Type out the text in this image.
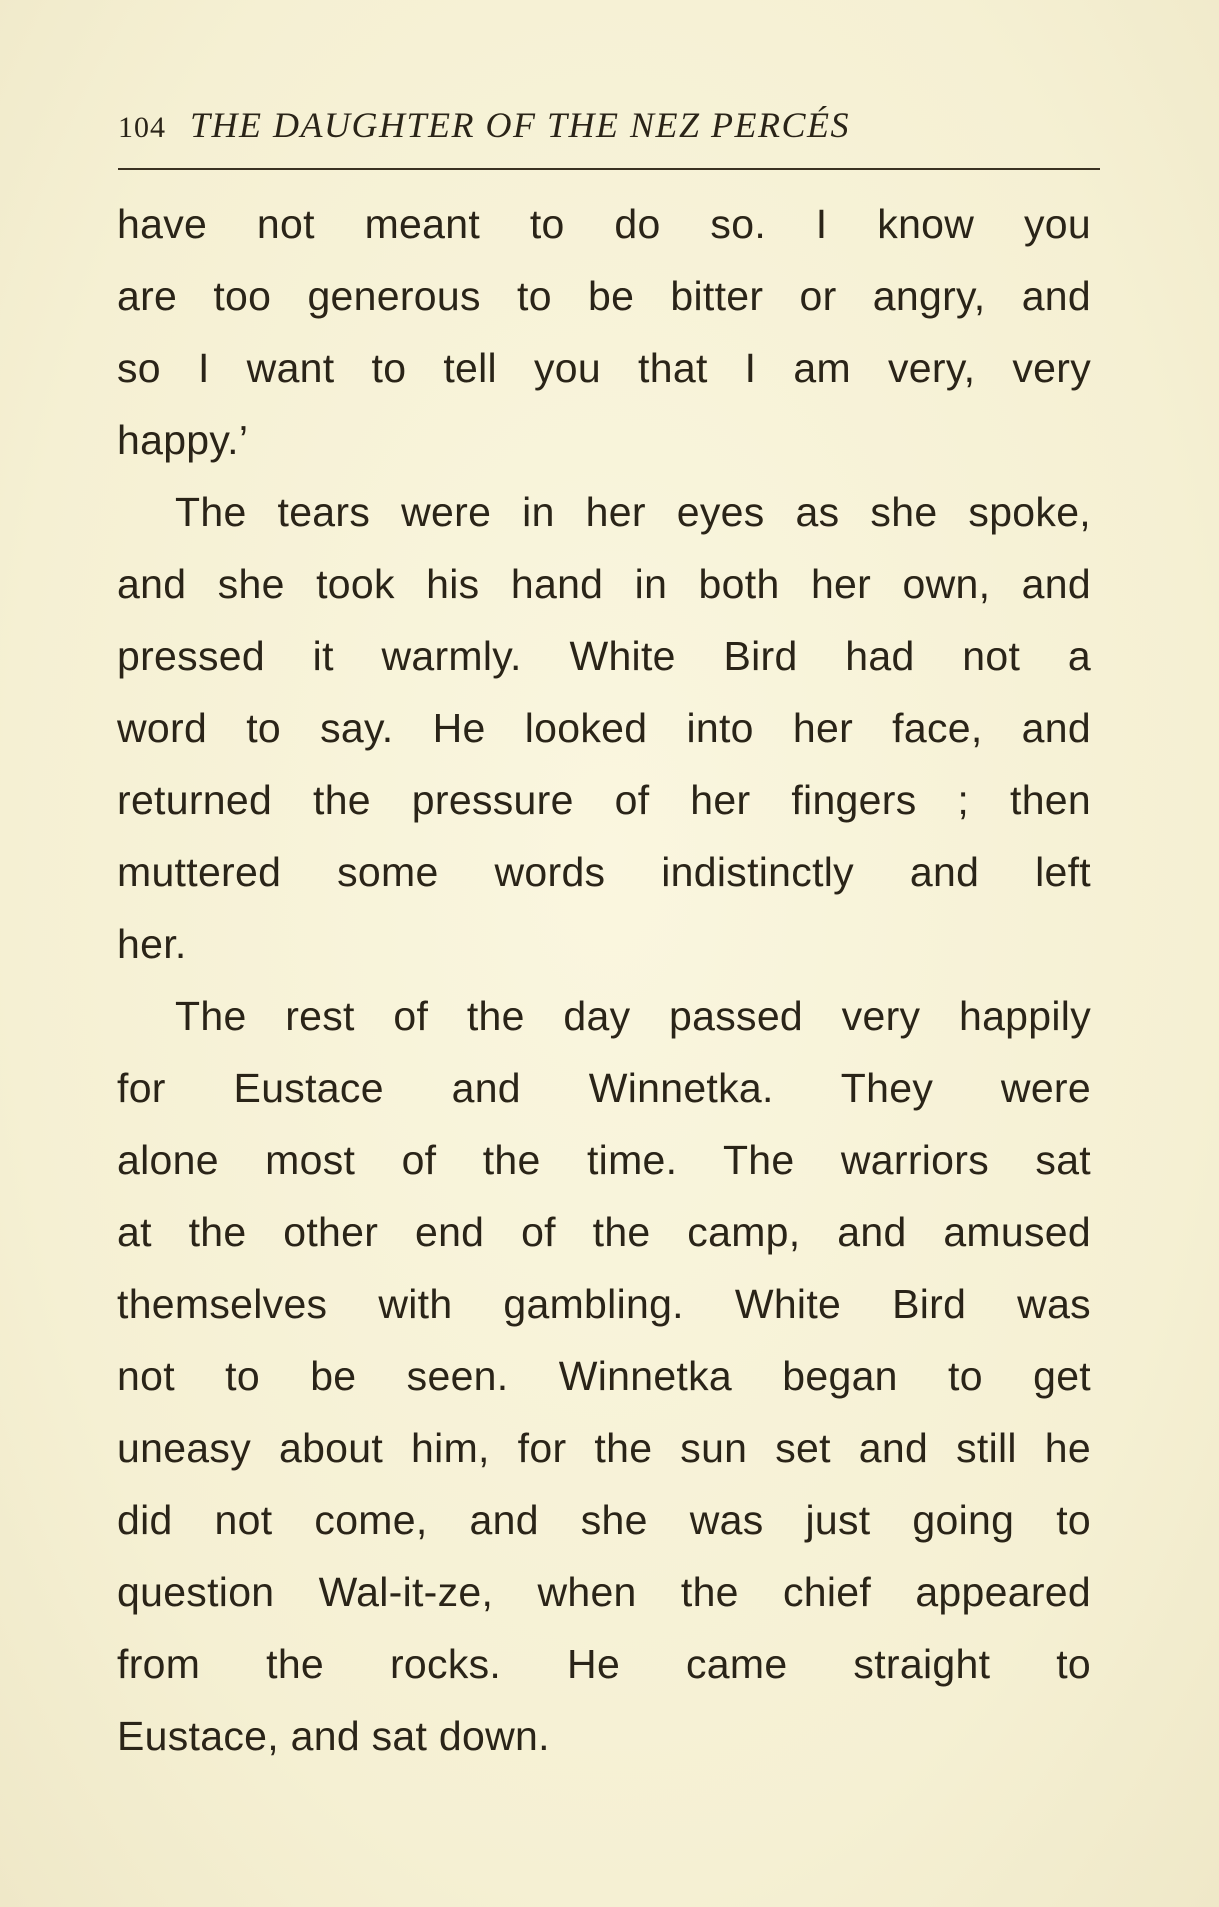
104 THE DAUGHTER OF THE NEZ PERCÉS
have not meant to do so. I know you
are too generous to be bitter or angry, and
so I want to tell you that I am very, very
happy.’
The tears were in her eyes as she spoke,
and she took his hand in both her own, and
pressed it warmly. White Bird had not a
word to say. He looked into her face, and
returned the pressure of her fingers ; then
muttered some words indistinctly and left
her.
The rest of the day passed very happily
for Eustace and Winnetka. They were
alone most of the time. The warriors sat
at the other end of the camp, and amused
themselves with gambling. White Bird was
not to be seen. Winnetka began to get
uneasy about him, for the sun set and still he
did not come, and she was just going to
question Wal-it-ze, when the chief appeared
from the rocks. He came straight to
Eustace, and sat down.
